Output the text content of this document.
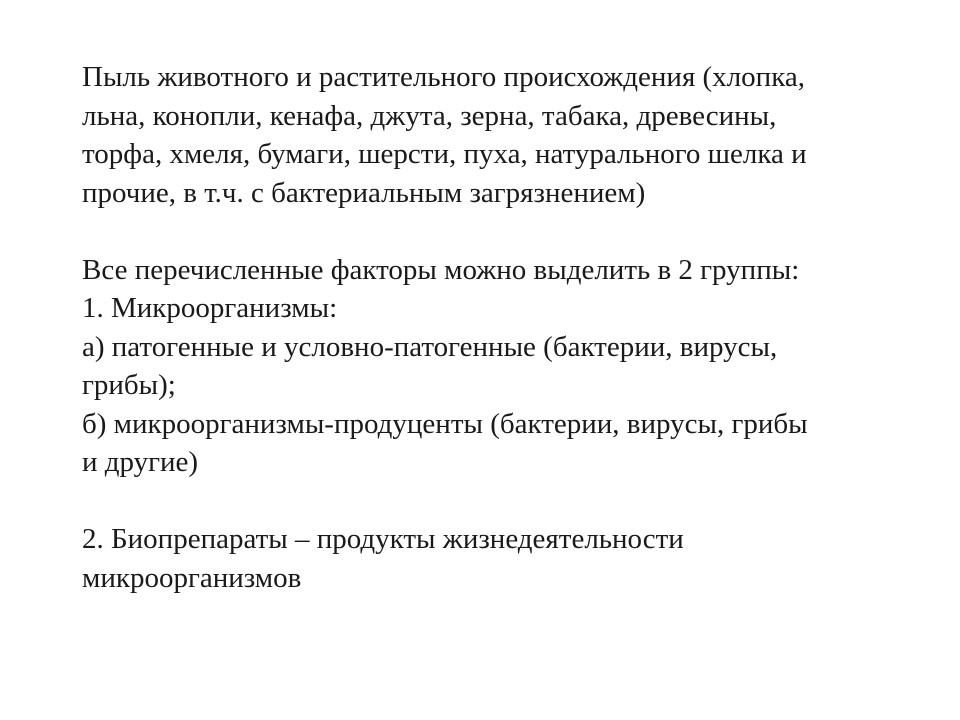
Пыль животного и растительного происхождения (хлопка,
льна, конопли, кенафа, джута, зерна, табака, древесины,
торфа, хмеля, бумаги, шерсти, пуха, натурального шелка и
прочие, в т.ч. с бактериальным загрязнением)
Все перечисленные факторы можно выделить в 2 группы:
1. Микроорганизмы:
а) патогенные и условно-патогенные (бактерии, вирусы,
грибы);
б) микроорганизмы-продуценты (бактерии, вирусы, грибы
и другие)
2. Биопрепараты – продукты жизнедеятельности
микроорганизмов
